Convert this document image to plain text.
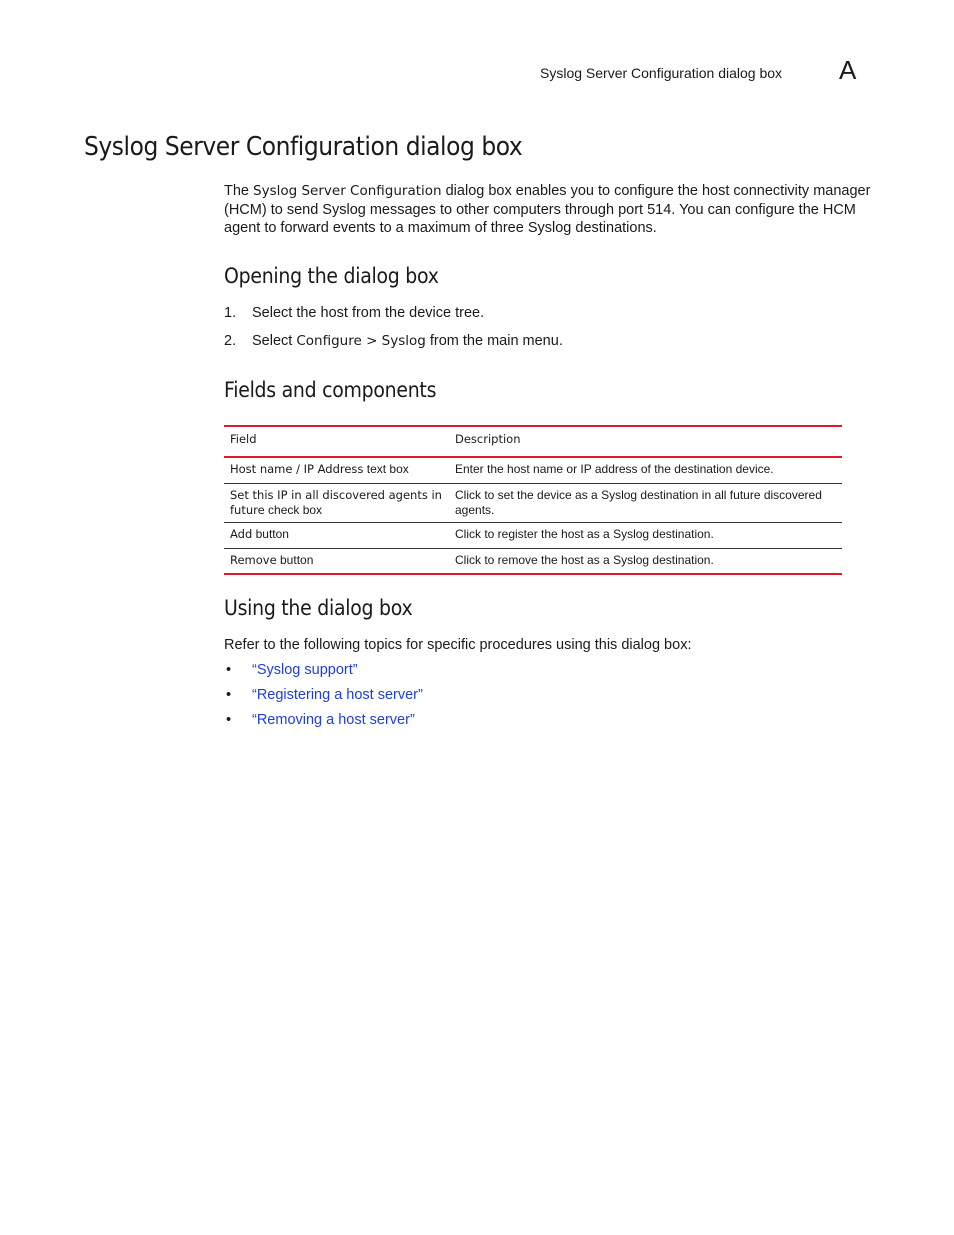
Syslog Server Configuration dialog box A
Syslog Server Configuration dialog box

The Syslog Server Configuration dialog box enables you to configure the host connectivity manager (HCM) to send Syslog messages to other computers through port 514. You can configure the HCM agent to forward events to a maximum of three Syslog destinations.

Opening the dialog box
1. Select the host from the device tree.
2. Select Configure > Syslog from the main menu.
Fields and components
Field	Description
Host name / IP Address text box	Enter the host name or IP address of the destination device.
Set this IP in all discovered agents in future check box	Click to set the device as a Syslog destination in all future discovered agents.
Add button	Click to register the host as a Syslog destination.
Remove button	Click to remove the host as a Syslog destination.
Using the dialog box

Refer to the following topics for specific procedures using this dialog box:

• “Syslog support”
• “Registering a host server”
• “Removing a host server”
